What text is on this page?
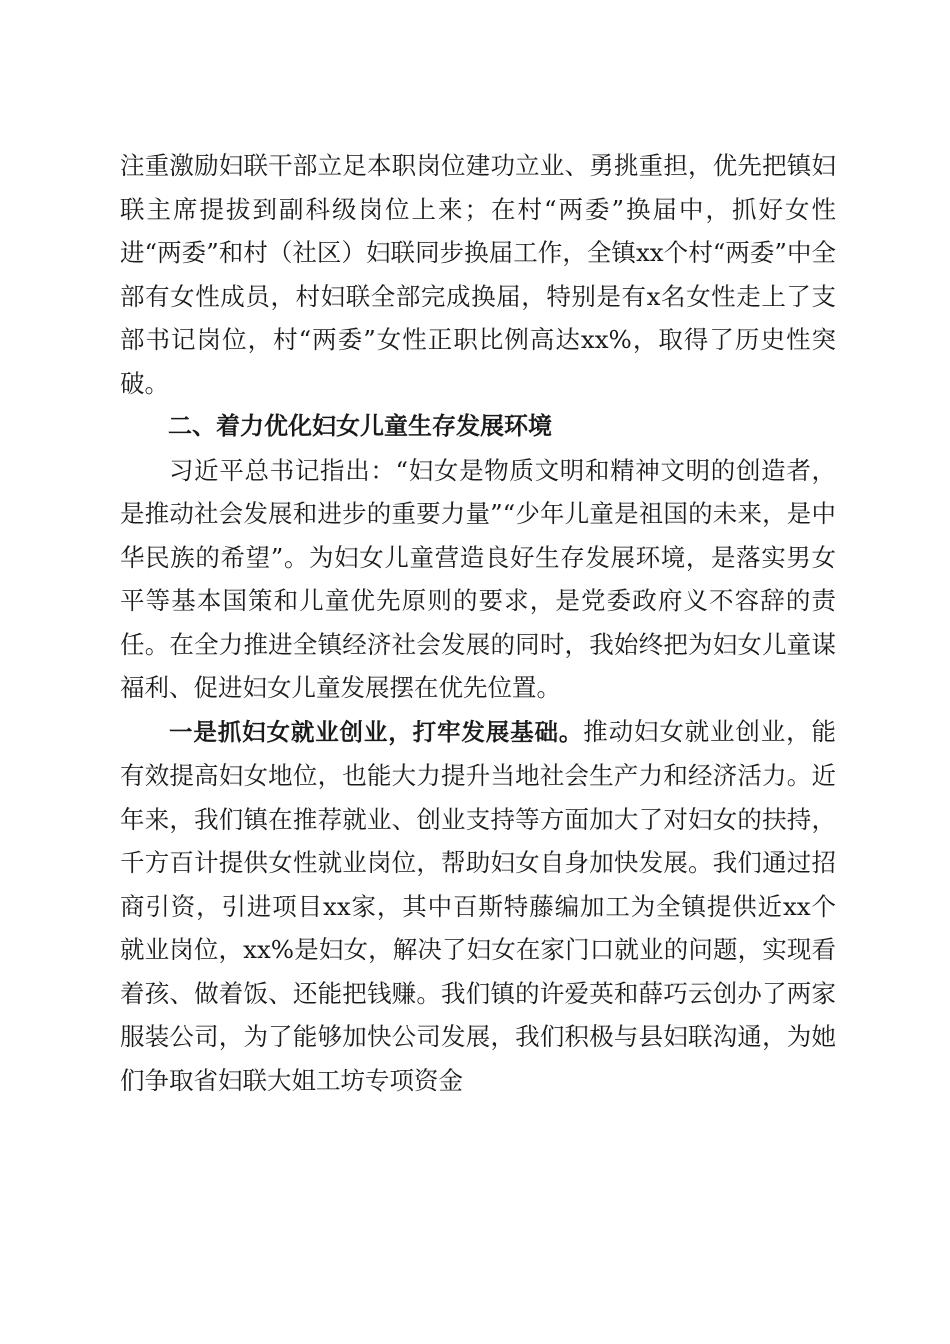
注重激励妇联干部立足本职岗位建功立业、勇挑重担，优先把镇妇联主席提拔到副科级岗位上来；在村“两委”换届中，抓好女性进“两委”和村（社区）妇联同步换届工作，全镇xx个村“两委”中全部有女性成员，村妇联全部完成换届，特别是有x名女性走上了支部书记岗位，村“两委”女性正职比例高达xx%，取得了历史性突破。

二、着力优化妇女儿童生存发展环境

习近平总书记指出：“妇女是物质文明和精神文明的创造者，是推动社会发展和进步的重要力量”“少年儿童是祖国的未来，是中华民族的希望”。为妇女儿童营造良好生存发展环境，是落实男女平等基本国策和儿童优先原则的要求，是党委政府义不容辞的责任。在全力推进全镇经济社会发展的同时，我始终把为妇女儿童谋福利、促进妇女儿童发展摆在优先位置。

一是抓妇女就业创业，打牢发展基础。推动妇女就业创业，能有效提高妇女地位，也能大力提升当地社会生产力和经济活力。近年来，我们镇在推荐就业、创业支持等方面加大了对妇女的扶持，千方百计提供女性就业岗位，帮助妇女自身加快发展。我们通过招商引资，引进项目xx家，其中百斯特藤编加工为全镇提供近xx个就业岗位，xx%是妇女，解决了妇女在家门口就业的问题，实现看着孩、做着饭、还能把钱赚。我们镇的许爱英和薛巧云创办了两家服装公司，为了能够加快公司发展，我们积极与县妇联沟通，为她们争取省妇联大姐工坊专项资金
